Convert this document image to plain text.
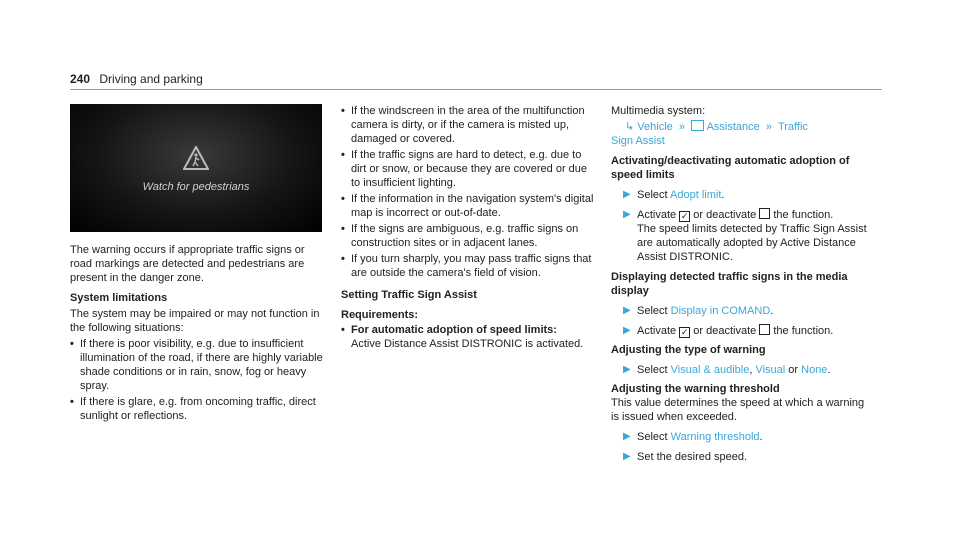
240 Driving and parking
Watch for pedestrians

The warning occurs if appropriate traffic signs or road markings are detected and pedestrians are present in the danger zone.

System limitations

The system may be impaired or may not function in the following situations:

• If there is poor visibility, e.g. due to insufficient illumination of the road, if there are highly variable shade conditions or in rain, snow, fog or heavy spray.
• If there is glare, e.g. from oncoming traffic, direct sunlight or reflections.
• If the windscreen in the area of the multifunction camera is dirty, or if the camera is misted up, damaged or covered.
• If the traffic signs are hard to detect, e.g. due to dirt or snow, or because they are covered or due to insufficient lighting.
• If the information in the navigation system's digital map is incorrect or out-of-date.
• If the signs are ambiguous, e.g. traffic signs on construction sites or in adjacent lanes.
• If you turn sharply, you may pass traffic signs that are outside the camera's field of vision.

Setting Traffic Sign Assist

Requirements:

• For automatic adoption of speed limits:
Active Distance Assist DISTRONIC is activated.

Multimedia system:

↳ Vehicle  »   Assistance  »  Traffic

Sign Assist

Activating/deactivating automatic adoption of speed limits

▶ Select Adopt limit.
▶ Activate ✓ or deactivate the function.

The speed limits detected by Traffic Sign Assist are automatically adopted by Active Distance Assist DISTRONIC.

Displaying detected traffic signs in the media display

▶ Select Display in COMAND.
▶ Activate ✓ or deactivate the function.

Adjusting the type of warning

▶ Select Visual & audible, Visual or None.

Adjusting the warning threshold

This value determines the speed at which a warning is issued when exceeded.

▶ Select Warning threshold.
▶ Set the desired speed.
